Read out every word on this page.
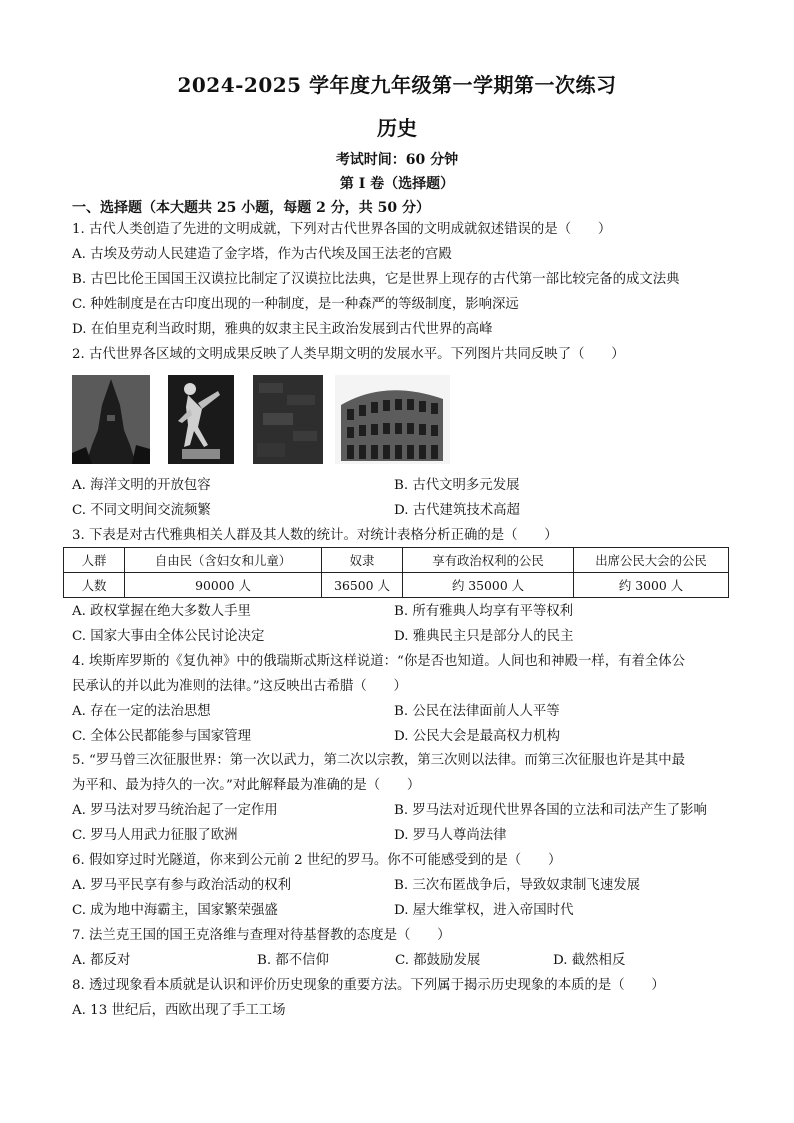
2024-2025 学年度九年级第一学期第一次练习
历史
考试时间：60 分钟
第 Ⅰ 卷（选择题）
一、选择题（本大题共 25 小题，每题 2 分，共 50 分）
1. 古代人类创造了先进的文明成就，下列对古代世界各国的文明成就叙述错误的是（　　）
A. 古埃及劳动人民建造了金字塔，作为古代埃及国王法老的宫殿
B. 古巴比伦王国国王汉谟拉比制定了汉谟拉比法典，它是世界上现存的古代第一部比较完备的成文法典
C. 种姓制度是在古印度出现的一种制度，是一种森严的等级制度，影响深远
D. 在伯里克利当政时期，雅典的奴隶主民主政治发展到古代世界的高峰
2. 古代世界各区域的文明成果反映了人类早期文明的发展水平。下列图片共同反映了（　　）
A. 海洋文明的开放包容	B. 古代文明多元发展
C. 不同文明间交流频繁	D. 古代建筑技术高超
3. 下表是对古代雅典相关人群及其人数的统计。对统计表格分析正确的是（　　）
人群	自由民（含妇女和儿童）	奴隶	享有政治权利的公民	出席公民大会的公民
人数	90000 人	36500 人	约 35000 人	约 3000 人
A. 政权掌握在绝大多数人手里	B. 所有雅典人均享有平等权利
C. 国家大事由全体公民讨论决定	D. 雅典民主只是部分人的民主
4. 埃斯库罗斯的《复仇神》中的俄瑞斯忒斯这样说道：“你是否也知道。人间也和神殿一样，有着全体公
民承认的并以此为准则的法律。”这反映出古希腊（　　）
A. 存在一定的法治思想	B. 公民在法律面前人人平等
C. 全体公民都能参与国家管理	D. 公民大会是最高权力机构
5. “罗马曾三次征服世界：第一次以武力，第二次以宗教，第三次则以法律。而第三次征服也许是其中最
为平和、最为持久的一次。”对此解释最为准确的是（　　）
A. 罗马法对罗马统治起了一定作用	B. 罗马法对近现代世界各国的立法和司法产生了影响
C. 罗马人用武力征服了欧洲	D. 罗马人尊尚法律
6. 假如穿过时光隧道，你来到公元前 2 世纪的罗马。你不可能感受到的是（　　）
A. 罗马平民享有参与政治活动的权利	B. 三次布匿战争后，导致奴隶制飞速发展
C. 成为地中海霸主，国家繁荣强盛	D. 屋大维掌权，进入帝国时代
7. 法兰克王国的国王克洛维与查理对待基督教的态度是（　　）
A. 都反对	B. 都不信仰	C. 都鼓励发展	D. 截然相反
8. 透过现象看本质就是认识和评价历史现象的重要方法。下列属于揭示历史现象的本质的是（　　）
A. 13 世纪后，西欧出现了手工工场
